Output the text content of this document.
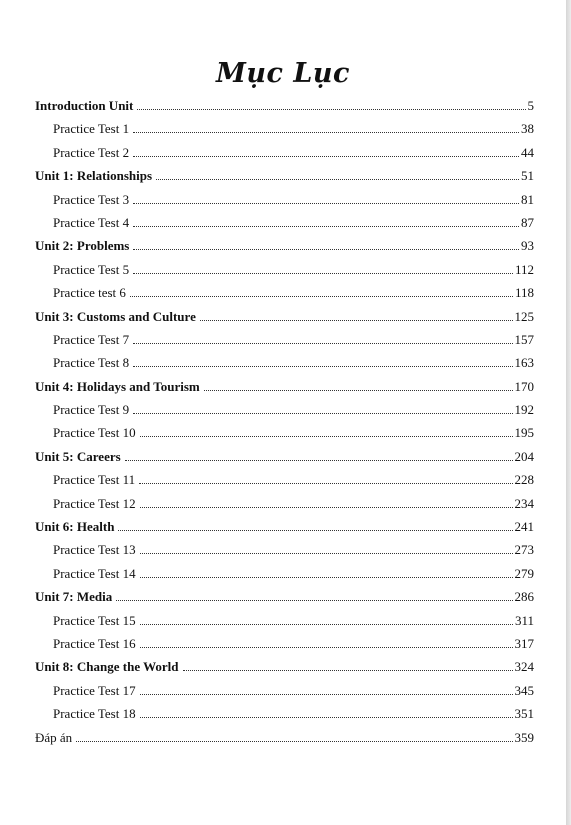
Mục Lục
Introduction Unit	5
Practice Test 1	38
Practice Test 2	44
Unit 1: Relationships	51
Practice Test 3	81
Practice Test 4	87
Unit 2: Problems	93
Practice Test 5	112
Practice test 6	118
Unit 3: Customs and Culture	125
Practice Test 7	157
Practice Test 8	163
Unit 4: Holidays and Tourism	170
Practice Test 9	192
Practice Test 10	195
Unit 5: Careers	204
Practice Test 11	228
Practice Test 12	234
Unit 6: Health	241
Practice Test 13	273
Practice Test 14	279
Unit 7: Media	286
Practice Test 15	311
Practice Test 16	317
Unit 8: Change the World	324
Practice Test 17	345
Practice Test 18	351
Đáp án	359
